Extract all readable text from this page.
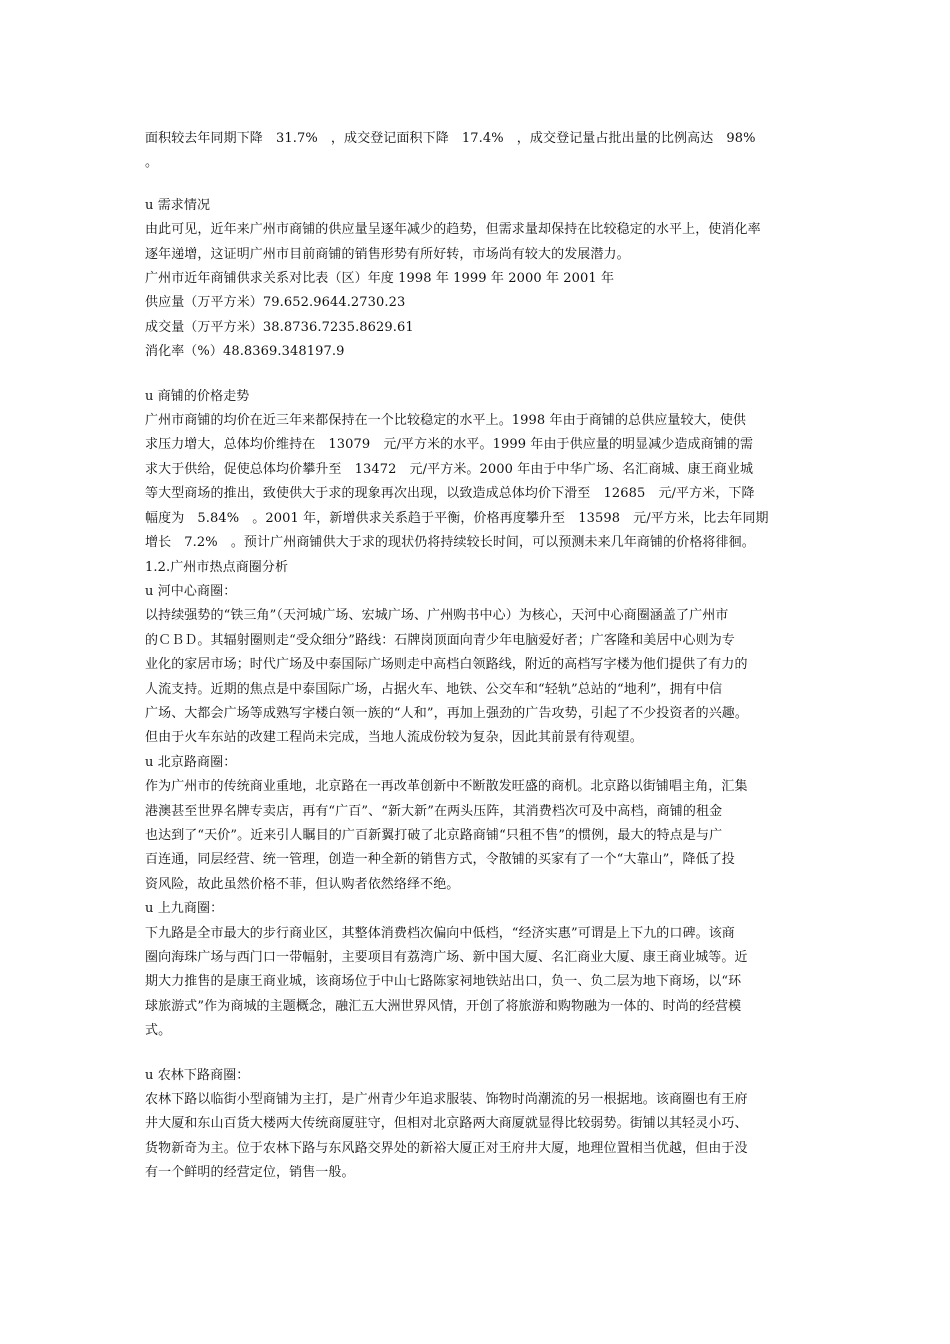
面积较去年同期下降　31.7%　，成交登记面积下降　17.4%　，成交登记量占批出量的比例高达　98%
。
u 需求情况
由此可见，近年来广州市商铺的供应量呈逐年减少的趋势，但需求量却保持在比较稳定的水平上，使消化率
逐年递增，这证明广州市目前商铺的销售形势有所好转，市场尚有较大的发展潜力。
广州市近年商铺供求关系对比表（区）年度 1998 年 1999 年 2000 年 2001 年
供应量（万平方米）79.652.9644.2730.23
成交量（万平方米）38.8736.7235.8629.61
消化率（%）48.8369.348197.9
u 商铺的价格走势
广州市商铺的均价在近三年来都保持在一个比较稳定的水平上。1998 年由于商铺的总供应量较大，使供
求压力增大，总体均价维持在　13079　元/平方米的水平。1999 年由于供应量的明显减少造成商铺的需
求大于供给，促使总体均价攀升至　13472　元/平方米。2000 年由于中华广场、名汇商城、康王商业城
等大型商场的推出，致使供大于求的现象再次出现，以致造成总体均价下滑至　12685　元/平方米，下降
幅度为　5.84%　。2001 年，新增供求关系趋于平衡，价格再度攀升至　13598　元/平方米，比去年同期
增长　7.2%　。预计广州商铺供大于求的现状仍将持续较长时间，可以预测未来几年商铺的价格将徘徊。
1.2.广州市热点商圈分析
u 河中心商圈：
以持续强势的“铁三角”（天河城广场、宏城广场、广州购书中心）为核心，天河中心商圈涵盖了广州市
的ＣＢＤ。其辐射圈则走“受众细分”路线：石牌岗顶面向青少年电脑爱好者；广客隆和美居中心则为专
业化的家居市场；时代广场及中泰国际广场则走中高档白领路线，附近的高档写字楼为他们提供了有力的
人流支持。近期的焦点是中泰国际广场，占据火车、地铁、公交车和“轻轨”总站的“地利”，拥有中信
广场、大都会广场等成熟写字楼白领一族的“人和”，再加上强劲的广告攻势，引起了不少投资者的兴趣。
但由于火车东站的改建工程尚未完成，当地人流成份较为复杂，因此其前景有待观望。
u 北京路商圈：
作为广州市的传统商业重地，北京路在一再改革创新中不断散发旺盛的商机。北京路以街铺唱主角，汇集
港澳甚至世界名牌专卖店，再有“广百”、“新大新”在两头压阵，其消费档次可及中高档，商铺的租金
也达到了“天价”。近来引人瞩目的广百新翼打破了北京路商铺“只租不售”的惯例，最大的特点是与广
百连通，同层经营、统一管理，创造一种全新的销售方式，令散铺的买家有了一个“大靠山”，降低了投
资风险，故此虽然价格不菲，但认购者依然络绎不绝。
u 上九商圈：
下九路是全市最大的步行商业区，其整体消费档次偏向中低档，“经济实惠”可谓是上下九的口碑。该商
圈向海珠广场与西门口一带幅射，主要项目有荔湾广场、新中国大厦、名汇商业大厦、康王商业城等。近
期大力推售的是康王商业城，该商场位于中山七路陈家祠地铁站出口，负一、负二层为地下商场，以“环
球旅游式”作为商城的主题概念，融汇五大洲世界风情，开创了将旅游和购物融为一体的、时尚的经营模
式。
u 农林下路商圈：
农林下路以临街小型商铺为主打，是广州青少年追求服装、饰物时尚潮流的另一根据地。该商圈也有王府
井大厦和东山百货大楼两大传统商厦驻守，但相对北京路两大商厦就显得比较弱势。街铺以其轻灵小巧、
货物新奇为主。位于农林下路与东风路交界处的新裕大厦正对王府井大厦，地理位置相当优越，但由于没
有一个鲜明的经营定位，销售一般。
